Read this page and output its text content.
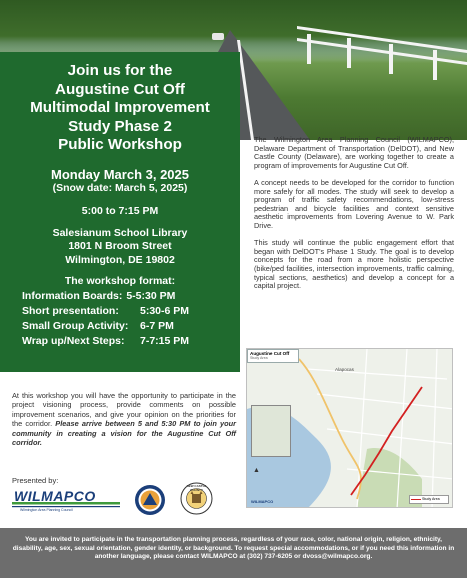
Join us for the
Augustine Cut Off
Multimodal Improvement
Study Phase 2
Public Workshop
Monday March 3, 2025
(Snow date: March 5, 2025)
5:00 to 7:15 PM
Salesianum School Library
1801 N Broom Street
Wilmington, DE 19802
The workshop format:
Information Boards: 5-5:30 PM
Short presentation:	5:30-6 PM
Small Group Activity:	6-7 PM
Wrap up/Next Steps:	7-7:15 PM

The Wilmington Area Planning Council (WILMAPCO), Delaware Department of Transportation (DelDOT), and New Castle County (Delaware), are working together to create a program of improvements for Augustine Cut Off.

A concept needs to be developed for the corridor to function more safely for all modes. The study will seek to develop a program of traffic safety recommendations, low-stress pedestrian and bicycle facilities and context sensitive aesthetic improvements from Lovering Avenue to W. Park Drive.

This study will continue the public engagement effort that began with DelDOT's Phase 1 Study. The goal is to develop concepts for the road from a more holistic perspective (bike/ped facilities, intersection improvements, traffic calming, typical sections, aesthetics) and develop a concept for a capital project.

Augustine Cut Off
Study Area
Alapocas
▲
WILMAPCO	Study Area
At this workshop you will have the opportunity to participate in the project visioning process, provide comments on possible improvement scenarios, and give your opinion on the priorities for the corridor. Please arrive between 5 and 5:30 PM to join your community in creating a vision for the Augustine Cut Off corridor.
Presented by:
WILMAPCO
Wilmington Area Planning Council
NEW CASTLE COUNTY
You are invited to participate in the transportation planning process, regardless of your race, color, national origin, religion, ethnicity, disability, age, sex, sexual orientation, gender identity, or background. To request special accommodations, or if you need this information in another language, please contact WILMAPCO at (302) 737-6205 or dvoss@wilmapco.org.
